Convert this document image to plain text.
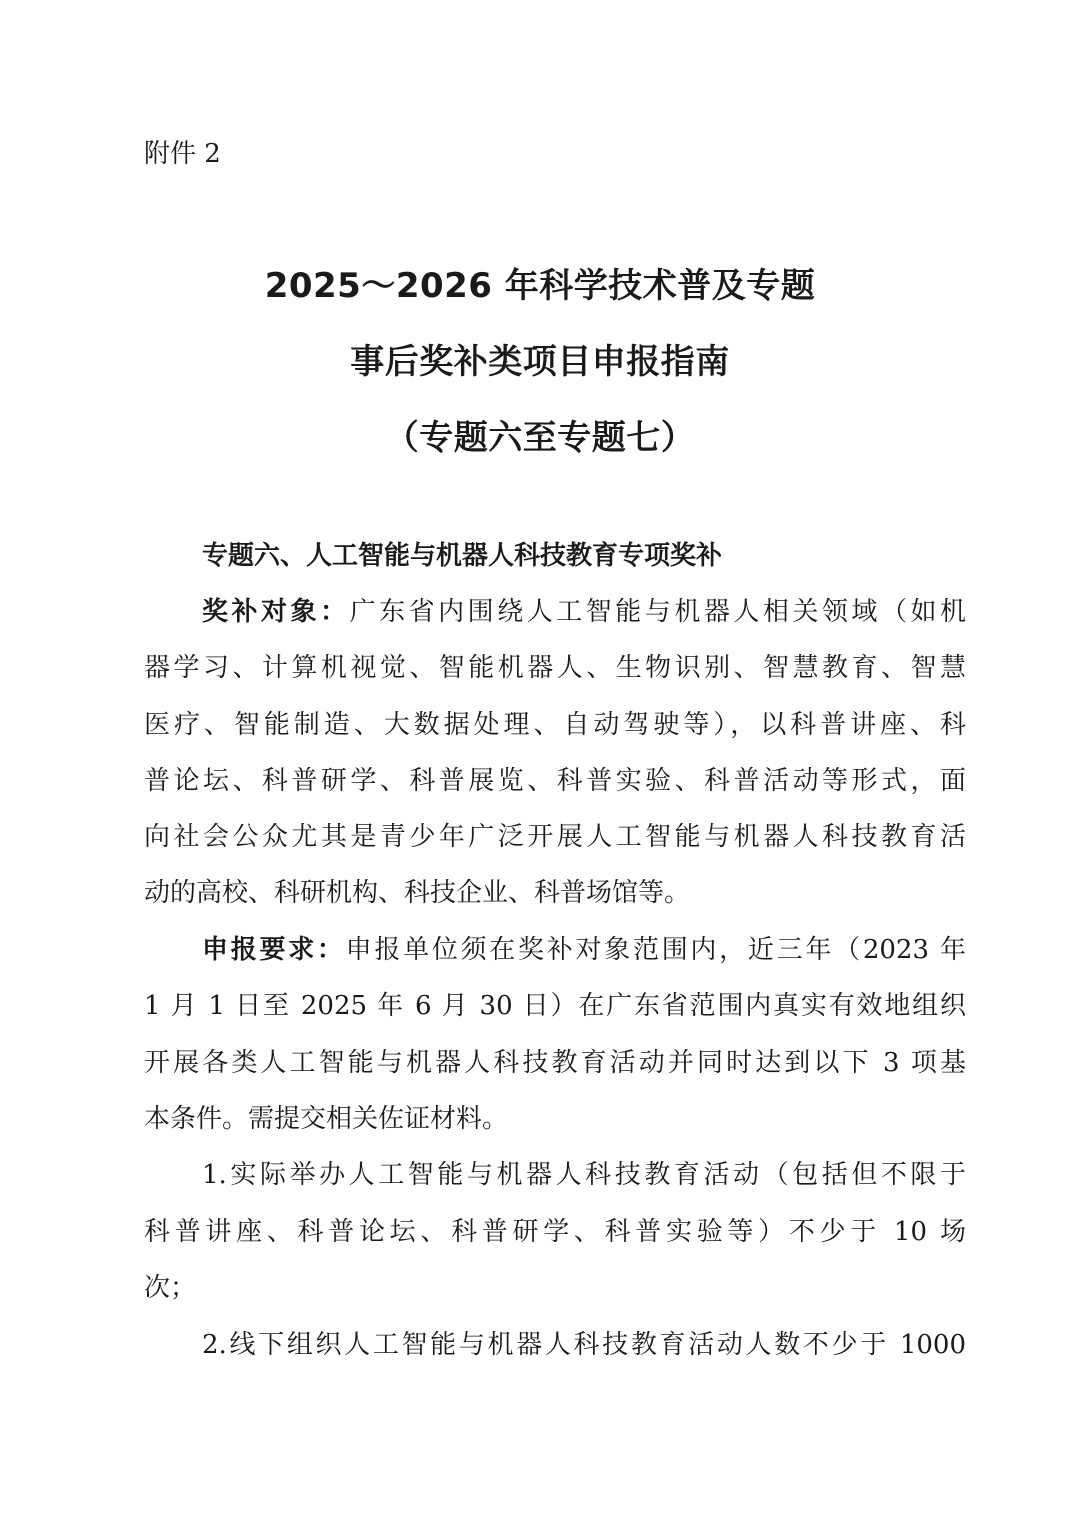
附件 2

2025～2026 年科学技术普及专题

事后奖补类项目申报指南

（专题六至专题七）

专题六、人工智能与机器人科技教育专项奖补
奖补对象：广东省内围绕人工智能与机器人相关领域（如机
器学习、计算机视觉、智能机器人、生物识别、智慧教育、智慧
医疗、智能制造、大数据处理、自动驾驶等），以科普讲座、科
普论坛、科普研学、科普展览、科普实验、科普活动等形式，面
向社会公众尤其是青少年广泛开展人工智能与机器人科技教育活
动的高校、科研机构、科技企业、科普场馆等。
申报要求：申报单位须在奖补对象范围内，近三年（2023 年
1 月 1 日至 2025 年 6 月 30 日）在广东省范围内真实有效地组织
开展各类人工智能与机器人科技教育活动并同时达到以下 3 项基
本条件。需提交相关佐证材料。
1.实际举办人工智能与机器人科技教育活动（包括但不限于
科普讲座、科普论坛、科普研学、科普实验等）不少于 10 场
次；
2.线下组织人工智能与机器人科技教育活动人数不少于 1000
